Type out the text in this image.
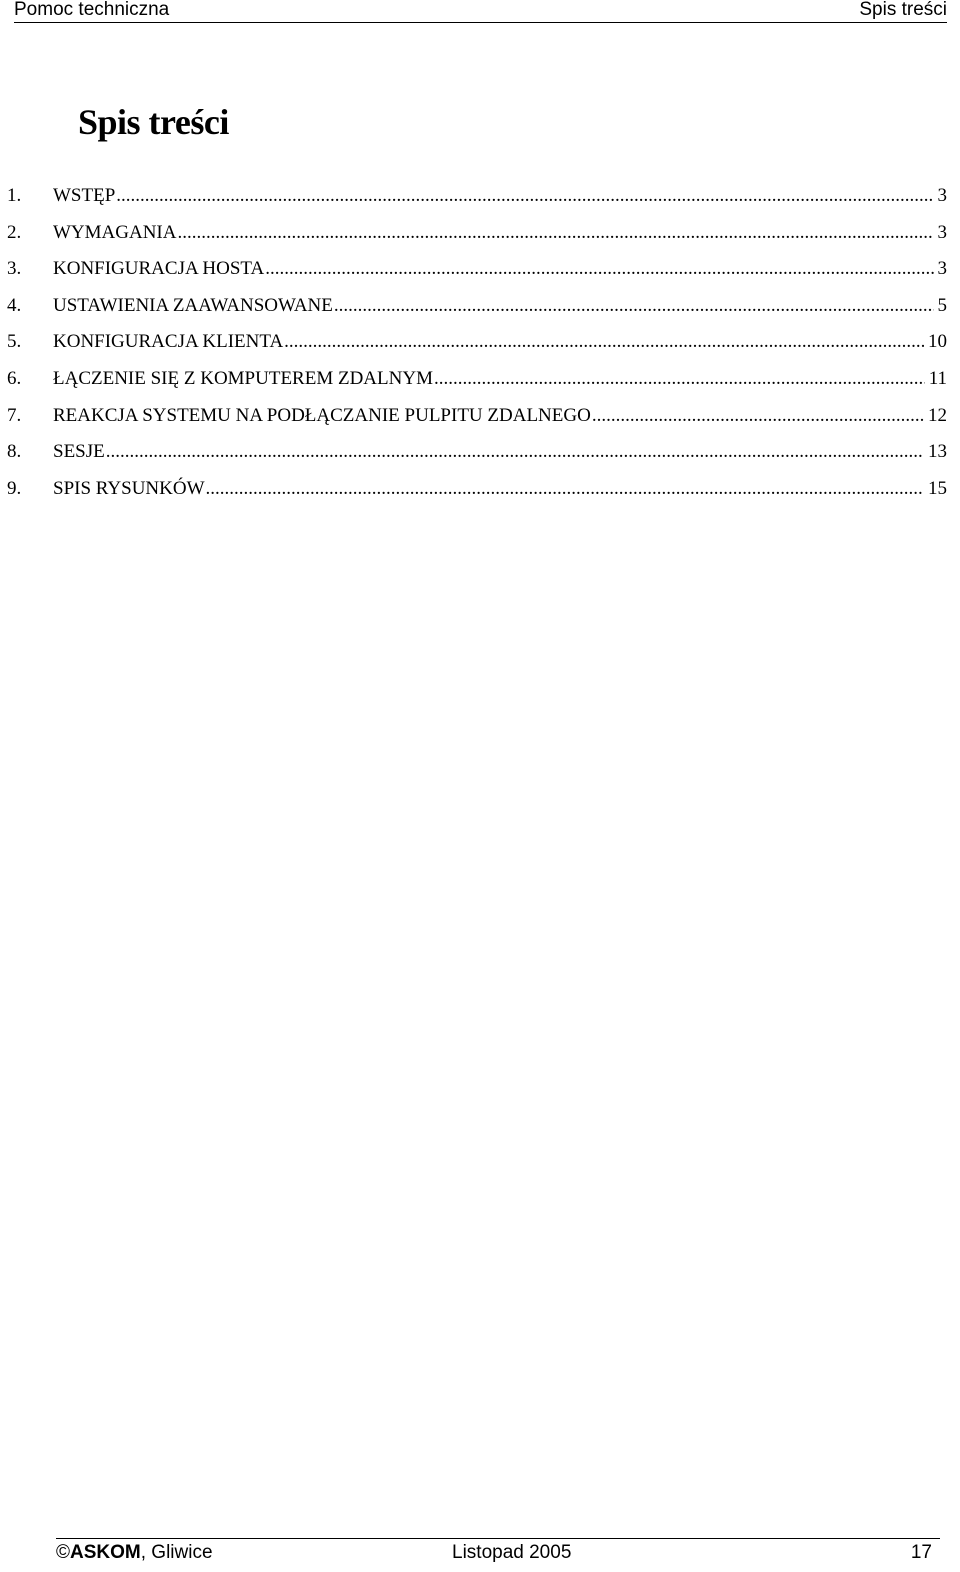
Pomoc techniczna	Spis treści
Spis treści
1.	WSTĘP .....	3
2.	WYMAGANIA .....	3
3.	KONFIGURACJA HOSTA .....	3
4.	USTAWIENIA ZAAWANSOWANE .....	5
5.	KONFIGURACJA KLIENTA .....	10
6.	ŁĄCZENIE SIĘ Z KOMPUTEREM ZDALNYM .....	11
7.	REAKCJA SYSTEMU NA PODŁĄCZANIE PULPITU ZDALNEGO .....	12
8.	SESJE .....	13
9.	SPIS RYSUNKÓW .....	15
©ASKOM, Gliwice	Listopad 2005	17
